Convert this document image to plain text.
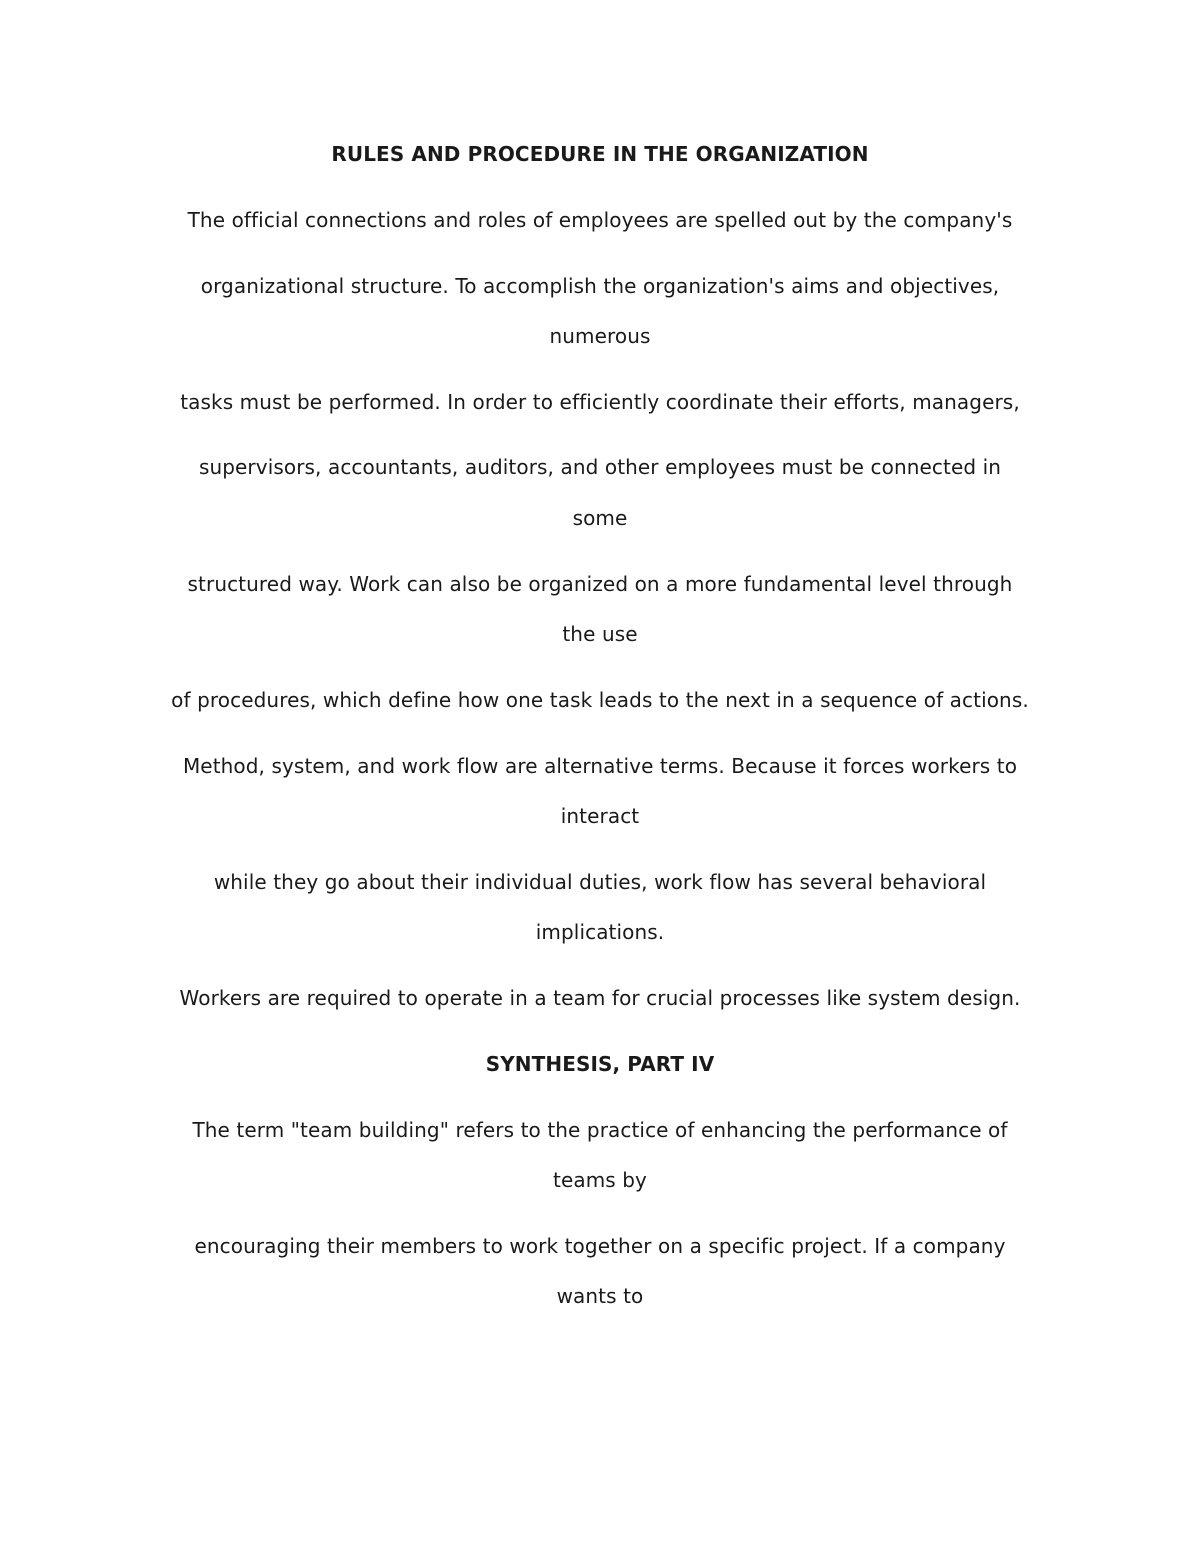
RULES AND PROCEDURE IN THE ORGANIZATION
The official connections and roles of employees are spelled out by the company's
organizational structure. To accomplish the organization's aims and objectives,
numerous
tasks must be performed. In order to efficiently coordinate their efforts, managers,
supervisors, accountants, auditors, and other employees must be connected in
some
structured way. Work can also be organized on a more fundamental level through
the use
of procedures, which define how one task leads to the next in a sequence of actions.
Method, system, and work flow are alternative terms. Because it forces workers to
interact
while they go about their individual duties, work flow has several behavioral
implications.
Workers are required to operate in a team for crucial processes like system design.
SYNTHESIS, PART IV
The term "team building" refers to the practice of enhancing the performance of
teams by
encouraging their members to work together on a specific project. If a company
wants to
